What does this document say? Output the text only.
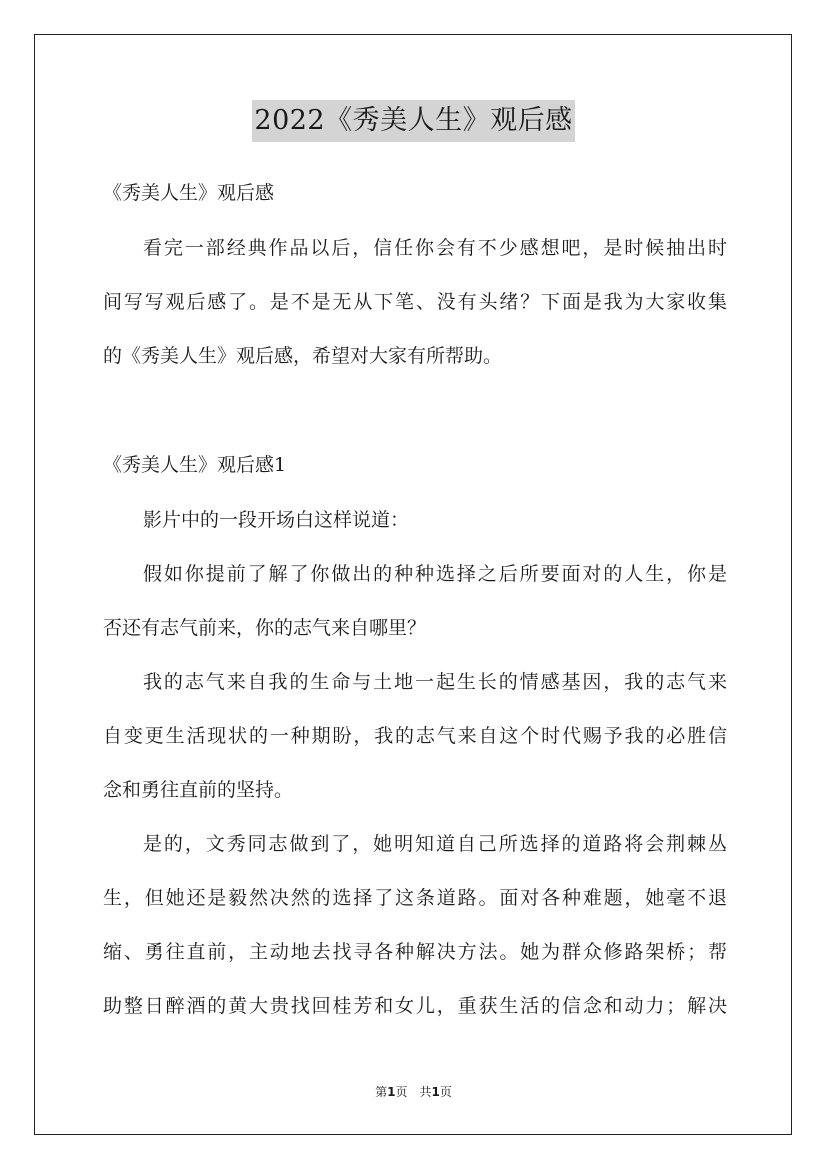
2022《秀美人生》观后感
《秀美人生》观后感
看完一部经典作品以后，信任你会有不少感想吧，是时候抽出时
间写写观后感了。是不是无从下笔、没有头绪？下面是我为大家收集
的《秀美人生》观后感，希望对大家有所帮助。
《秀美人生》观后感1
影片中的一段开场白这样说道：
假如你提前了解了你做出的种种选择之后所要面对的人生，你是
否还有志气前来，你的志气来自哪里？
我的志气来自我的生命与土地一起生长的情感基因，我的志气来
自变更生活现状的一种期盼，我的志气来自这个时代赐予我的必胜信
念和勇往直前的坚持。
是的，文秀同志做到了，她明知道自己所选择的道路将会荆棘丛
生，但她还是毅然决然的选择了这条道路。面对各种难题，她毫不退
缩、勇往直前，主动地去找寻各种解决方法。她为群众修路架桥；帮
助整日醉酒的黄大贵找回桂芳和女儿，重获生活的信念和动力；解决
第1页　共1页
